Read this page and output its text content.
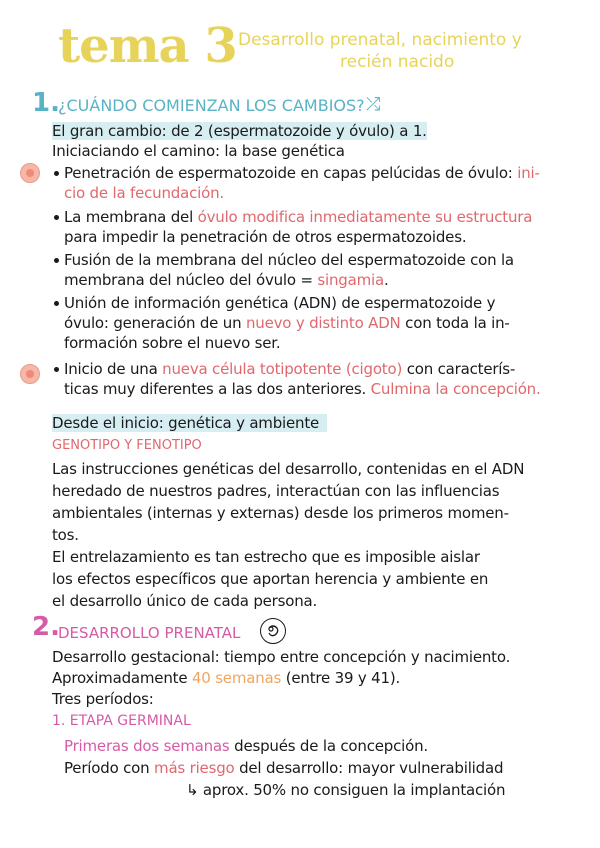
tema 3 Desarrollo prenatal, nacimiento y
recién nacido
1.
¿CUÁNDO COMIENZAN LOS CAMBIOS? ⤮
El gran cambio: de 2 (espermatozoide y óvulo) a 1.
Iniciaciando el camino: la base genética
Penetración de espermatozoide en capas pelúcidas de óvulo: ini-
cio de la fecundación.
La membrana del óvulo modifica inmediatamente su estructura
para impedir la penetración de otros espermatozoides.
Fusión de la membrana del núcleo del espermatozoide con la
membrana del núcleo del óvulo = singamia.
Unión de información genética (ADN) de espermatozoide y
óvulo: generación de un nuevo y distinto ADN con toda la in-
formación sobre el nuevo ser.
Inicio de una nueva célula totipotente (cigoto) con caracterís-
ticas muy diferentes a las dos anteriores. Culmina la concepción.
Desde el inicio: genética y ambiente
GENOTIPO Y FENOTIPO
Las instrucciones genéticas del desarrollo, contenidas en el ADN
heredado de nuestros padres, interactúan con las influencias
ambientales (internas y externas) desde los primeros momen-
tos.
El entrelazamiento es tan estrecho que es imposible aislar
los efectos específicos que aportan herencia y ambiente en
el desarrollo único de cada persona.
2.
DESARROLLO PRENATAL
Desarrollo gestacional: tiempo entre concepción y nacimiento.
Aproximadamente 40 semanas (entre 39 y 41).
Tres períodos:
1. ETAPA GERMINAL
Primeras dos semanas después de la concepción.
Período con más riesgo del desarrollo: mayor vulnerabilidad
↳ aprox. 50% no consiguen la implantación
